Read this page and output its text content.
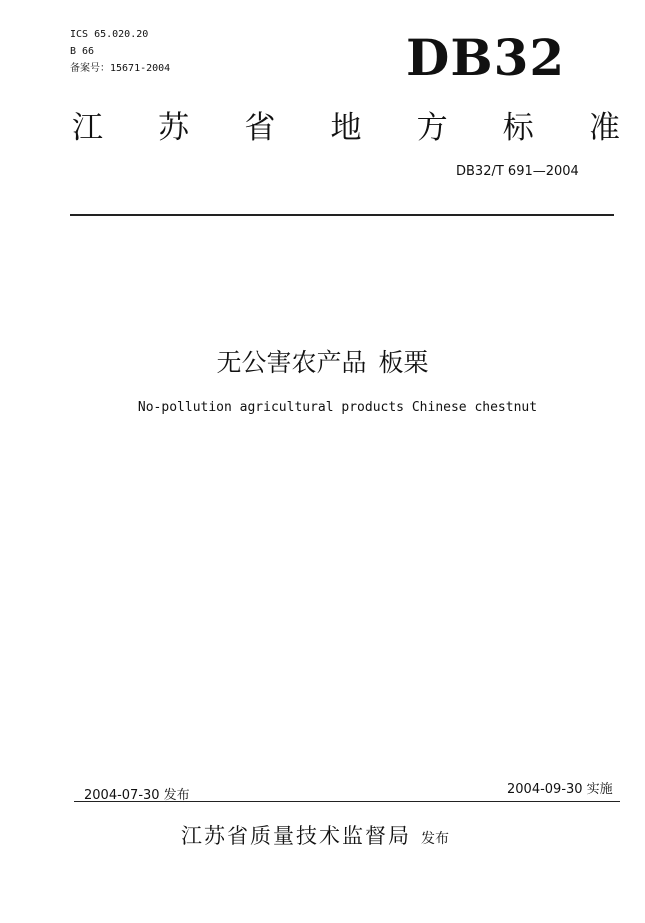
ICS 65.020.20
B 66
备案号：15671-2004	DB32
江 苏 省 地 方 标 准
DB32/T 691—2004
无公害农产品 板栗
No-pollution agricultural products Chinese chestnut
2004-07-30 发布	2004-09-30 实施
江苏省质量技术监督局 发布
